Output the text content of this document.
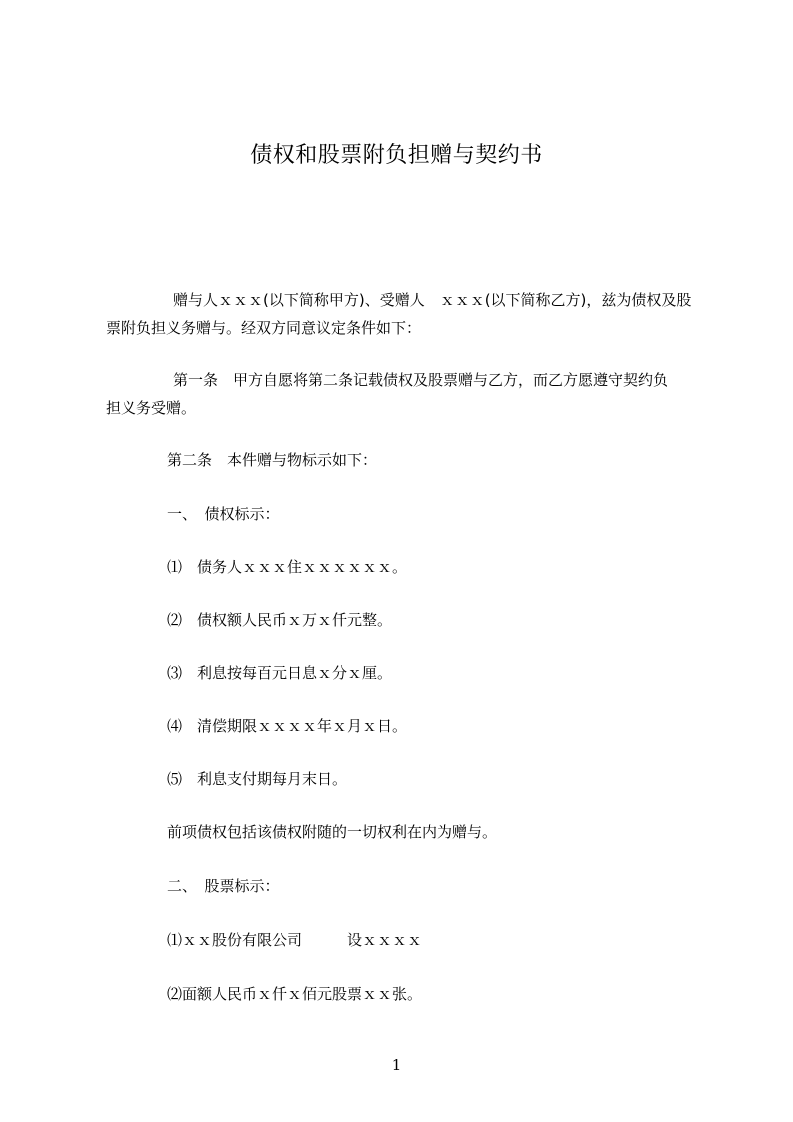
债权和股票附负担赠与契约书

赠与人ｘｘｘ(以下简称甲方)、受赠人　ｘｘｘ(以下简称乙方)，兹为债权及股

票附负担义务赠与。经双方同意议定条件如下：

第一条　甲方自愿将第二条记载债权及股票赠与乙方，而乙方愿遵守契约负

担义务受赠。

第二条　本件赠与物标示如下：

一、　债权标示：

⑴　债务人ｘｘｘ住ｘｘｘｘｘｘ。

⑵　债权额人民币ｘ万ｘ仟元整。

⑶　利息按每百元日息ｘ分ｘ厘。

⑷　清偿期限ｘｘｘｘ年ｘ月ｘ日。

⑸　利息支付期每月末日。

前项债权包括该债权附随的一切权利在内为赠与。

二、　股票标示：

⑴ｘｘ股份有限公司　　　设ｘｘｘｘ

⑵面额人民币ｘ仟ｘ佰元股票ｘｘ张。

1
